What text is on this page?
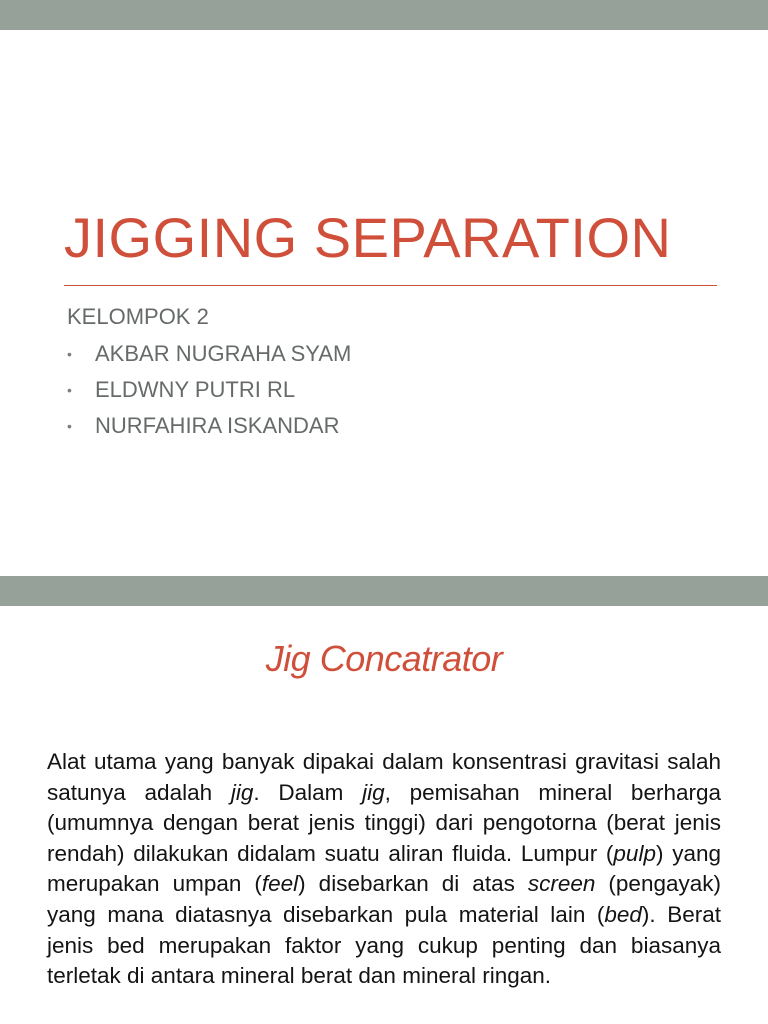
JIGGING SEPARATION
KELOMPOK 2
• AKBAR NUGRAHA SYAM
• ELDWNY PUTRI RL
• NURFAHIRA ISKANDAR
Jig Concatrator

Alat utama yang banyak dipakai dalam konsentrasi gravitasi salah satunya adalah jig. Dalam jig, pemisahan mineral berharga (umumnya dengan berat jenis tinggi) dari pengotorna (berat jenis rendah) dilakukan didalam suatu aliran fluida. Lumpur (pulp) yang merupakan umpan (feel) disebarkan di atas screen (pengayak) yang mana diatasnya disebarkan pula material lain (bed). Berat jenis bed merupakan faktor yang cukup penting dan biasanya terletak di antara mineral berat dan mineral ringan.
